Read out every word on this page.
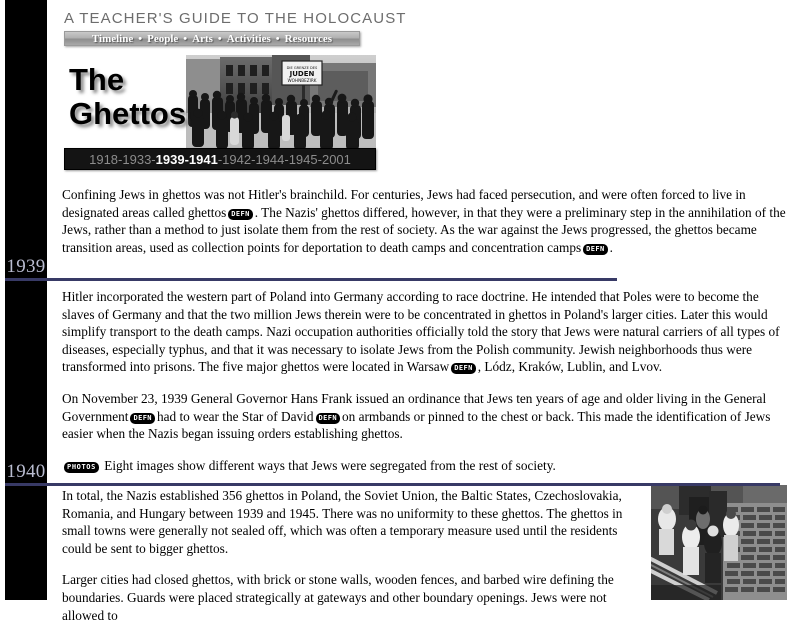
1939
1940
A TEACHER'S GUIDE TO THE HOLOCAUST
Timeline • People • Arts • Activities • Resources
The
Ghettos
DIE GRENZE DES
JUDEN
WOHNBEZIRK
1918 - 1933 - 1939 - 1941 - 1942 - 1944 - 1945 - 2001

Confining Jews in ghettos was not Hitler's brainchild. For centuries, Jews had faced persecution, and were often forced to live in designated areas called ghettos DEFN . The Nazis' ghettos differed, however, in that they were a preliminary step in the annihilation of the Jews, rather than a method to just isolate them from the rest of society. As the war against the Jews progressed, the ghettos became transition areas, used as collection points for deportation to death camps and concentration camps DEFN .

Hitler incorporated the western part of Poland into Germany according to race doctrine. He intended that Poles were to become the slaves of Germany and that the two million Jews therein were to be concentrated in ghettos in Poland's larger cities. Later this would simplify transport to the death camps. Nazi occupation authorities officially told the story that Jews were natural carriers of all types of diseases, especially typhus, and that it was necessary to isolate Jews from the Polish community. Jewish neighborhoods thus were transformed into prisons. The five major ghettos were located in Warsaw DEFN , Lódz, Kraków, Lublin, and Lvov.

On November 23, 1939 General Governor Hans Frank issued an ordinance that Jews ten years of age and older living in the General Government DEFN had to wear the Star of David DEFN on armbands or pinned to the chest or back. This made the identification of Jews easier when the Nazis began issuing orders establishing ghettos.

PHOTOS Eight images show different ways that Jews were segregated from the rest of society.

In total, the Nazis established 356 ghettos in Poland, the Soviet Union, the Baltic States, Czechoslovakia, Romania, and Hungary between 1939 and 1945. There was no uniformity to these ghettos. The ghettos in small towns were generally not sealed off, which was often a temporary measure used until the residents could be sent to bigger ghettos.

Larger cities had closed ghettos, with brick or stone walls, wooden fences, and barbed wire defining the boundaries. Guards were placed strategically at gateways and other boundary openings. Jews were not allowed to
